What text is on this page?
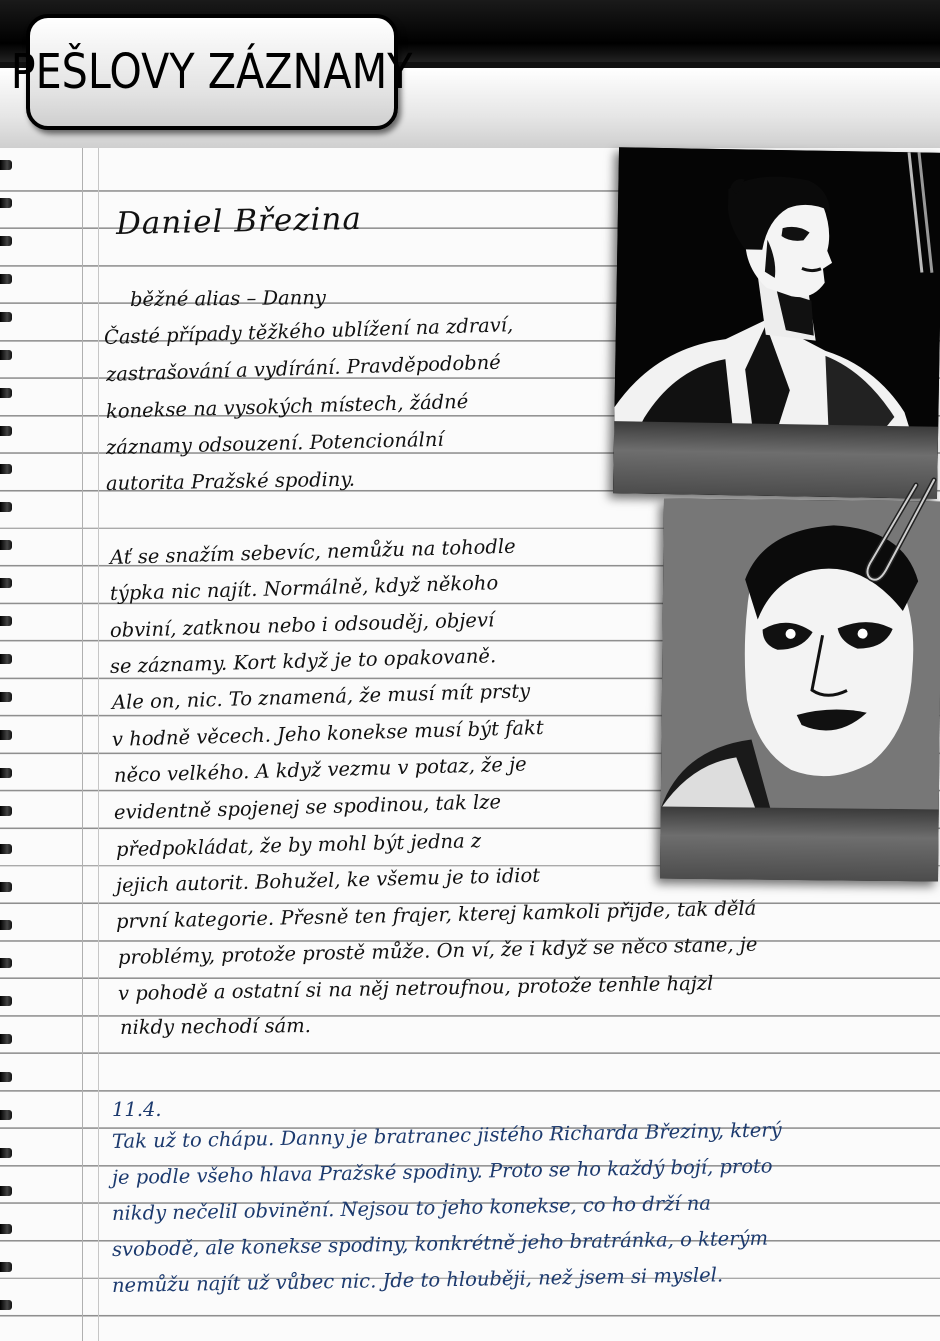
PEŠLOVY ZÁZNAMY
Daniel Březina
běžné alias – Danny
Časté případy těžkého ublížení na zdraví,
zastrašování a vydírání. Pravděpodobné
konekse na vysokých místech, žádné
záznamy odsouzení. Potencionální
autorita Pražské spodiny.
Ať se snažím sebevíc, nemůžu na tohodle
týpka nic najít. Normálně, když někoho
obviní, zatknou nebo i odsouděj, objeví
se záznamy. Kort když je to opakovaně.
Ale on, nic. To znamená, že musí mít prsty
v hodně věcech. Jeho konekse musí být fakt
něco velkého. A když vezmu v potaz, že je
evidentně spojenej se spodinou, tak lze
předpokládat, že by mohl být jedna z
jejich autorit. Bohužel, ke všemu je to idiot
první kategorie. Přesně ten frajer, kterej kamkoli přijde, tak dělá
problémy, protože prostě může. On ví, že i když se něco stane, je
v pohodě a ostatní si na něj netroufnou, protože tenhle hajzl
nikdy nechodí sám.
11.4.
Tak už to chápu. Danny je bratranec jistého Richarda Březiny, který
je podle všeho hlava Pražské spodiny. Proto se ho každý bojí, proto
nikdy nečelil obvinění. Nejsou to jeho konekse, co ho drží na
svobodě, ale konekse spodiny, konkrétně jeho bratránka, o kterým
nemůžu najít už vůbec nic. Jde to hlouběji, než jsem si myslel.
